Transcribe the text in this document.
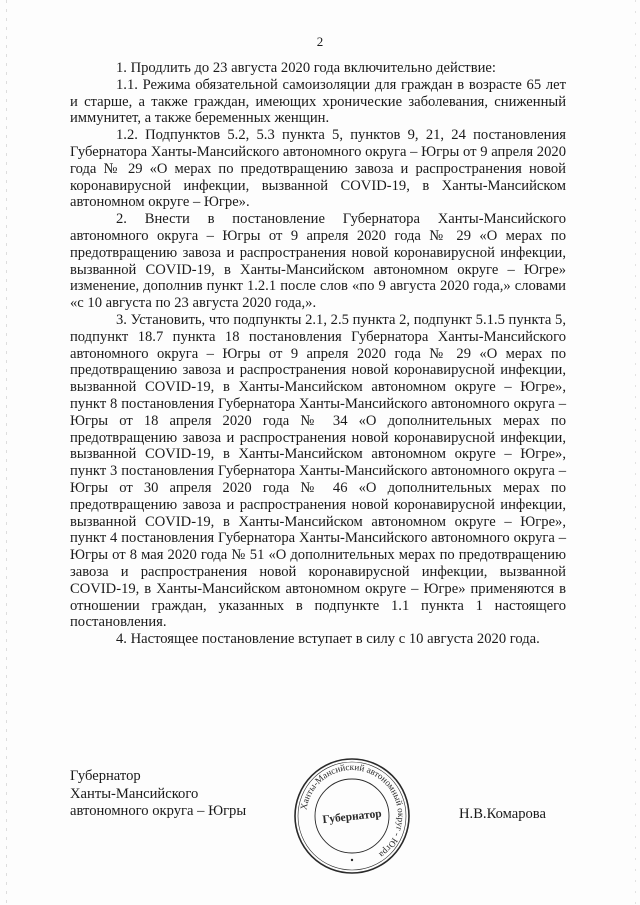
2

1. Продлить до 23 августа 2020 года включительно действие:

1.1. Режима обязательной самоизоляции для граждан в возрасте 65 лет и старше, а также граждан, имеющих хронические заболевания, сниженный иммунитет, а также беременных женщин.

1.2. Подпунктов 5.2, 5.3 пункта 5, пунктов 9, 21, 24 постановления Губернатора Ханты-Мансийского автономного округа – Югры от 9 апреля 2020 года № 29 «О мерах по предотвращению завоза и распространения новой коронавирусной инфекции, вызванной COVID-19, в Ханты-Мансийском автономном округе – Югре».

2. Внести в постановление Губернатора Ханты-Мансийского автономного округа – Югры от 9 апреля 2020 года № 29 «О мерах по предотвращению завоза и распространения новой коронавирусной инфекции, вызванной COVID-19, в Ханты-Мансийском автономном округе – Югре» изменение, дополнив пункт 1.2.1 после слов «по 9 августа 2020 года,» словами «с 10 августа по 23 августа 2020 года,».

3. Установить, что подпункты 2.1, 2.5 пункта 2, подпункт 5.1.5 пункта 5, подпункт 18.7 пункта 18 постановления Губернатора Ханты-Мансийского автономного округа – Югры от 9 апреля 2020 года № 29 «О мерах по предотвращению завоза и распространения новой коронавирусной инфекции, вызванной COVID-19, в Ханты-Мансийском автономном округе – Югре», пункт 8 постановления Губернатора Ханты-Мансийского автономного округа – Югры от 18 апреля 2020 года № 34 «О дополнительных мерах по предотвращению завоза и распространения новой коронавирусной инфекции, вызванной COVID-19, в Ханты-Мансийском автономном округе – Югре», пункт 3 постановления Губернатора Ханты-Мансийского автономного округа – Югры от 30 апреля 2020 года № 46 «О дополнительных мерах по предотвращению завоза и распространения новой коронавирусной инфекции, вызванной COVID-19, в Ханты-Мансийском автономном округе – Югре», пункт 4 постановления Губернатора Ханты-Мансийского автономного округа – Югры от 8 мая 2020 года № 51 «О дополнительных мерах по предотвращению завоза и распространения новой коронавирусной инфекции, вызванной COVID-19, в Ханты-Мансийском автономном округе – Югре» применяются в отношении граждан, указанных в подпункте 1.1 пункта 1 настоящего постановления.

4. Настоящее постановление вступает в силу с 10 августа 2020 года.

Губернатор
Ханты-Мансийского
автономного округа – Югры	Ханты-Мансийский автономный округ - Югра
Губернатор	Н.В.Комарова
